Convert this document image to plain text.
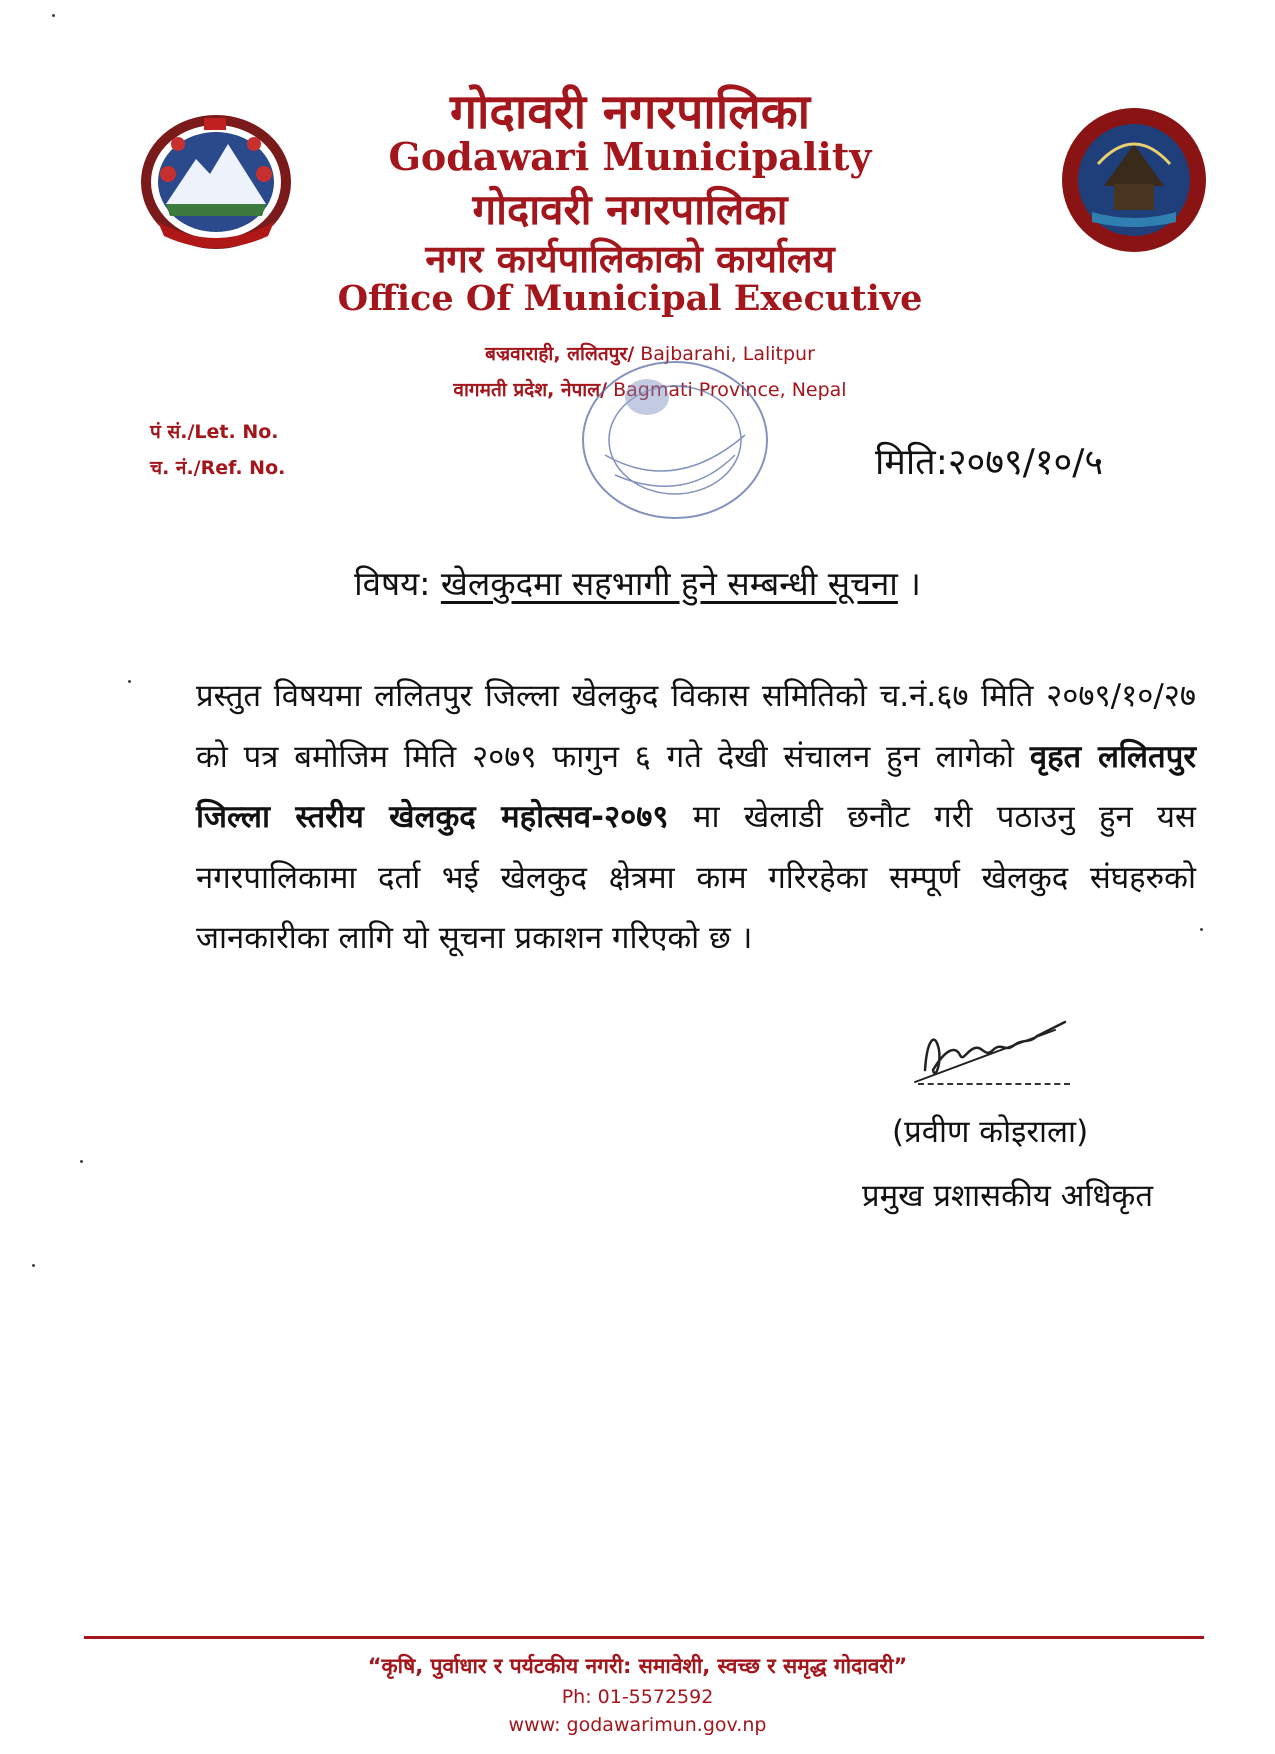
गोदावरी नगरपालिका
Godawari Municipality
गोदावरी नगरपालिका
नगर कार्यपालिकाको कार्यालय
Office Of Municipal Executive
बज्रवाराही, ललितपुर/ Bajbarahi, Lalitpur
वागमती प्रदेश, नेपाल/ Bagmati Province, Nepal
पं सं./Let. No.
च. नं./Ref. No.	मिति:२०७९/१०/५
विषय: खेलकुदमा सहभागी हुने सम्बन्धी सूचना ।
प्रस्तुत विषयमा ललितपुर जिल्ला खेलकुद विकास समितिको च.नं.६७ मिति २०७९/१०/२७ को पत्र बमोजिम मिति २०७९ फागुन ६ गते देखी संचालन हुन लागेको वृहत ललितपुर जिल्ला स्तरीय खेलकुद महोत्सव-२०७९ मा खेलाडी छनौट गरी पठाउनु हुन यस नगरपालिकामा दर्ता भई खेलकुद क्षेत्रमा काम गरिरहेका सम्पूर्ण खेलकुद संघहरुको जानकारीका लागि यो सूचना प्रकाशन गरिएको छ ।
(प्रवीण कोइराला)
प्रमुख प्रशासकीय अधिकृत
“कृषि, पुर्वाधार र पर्यटकीय नगरी: समावेशी, स्वच्छ र समृद्ध गोदावरी”
Ph: 01-5572592
www: godawarimun.gov.np
